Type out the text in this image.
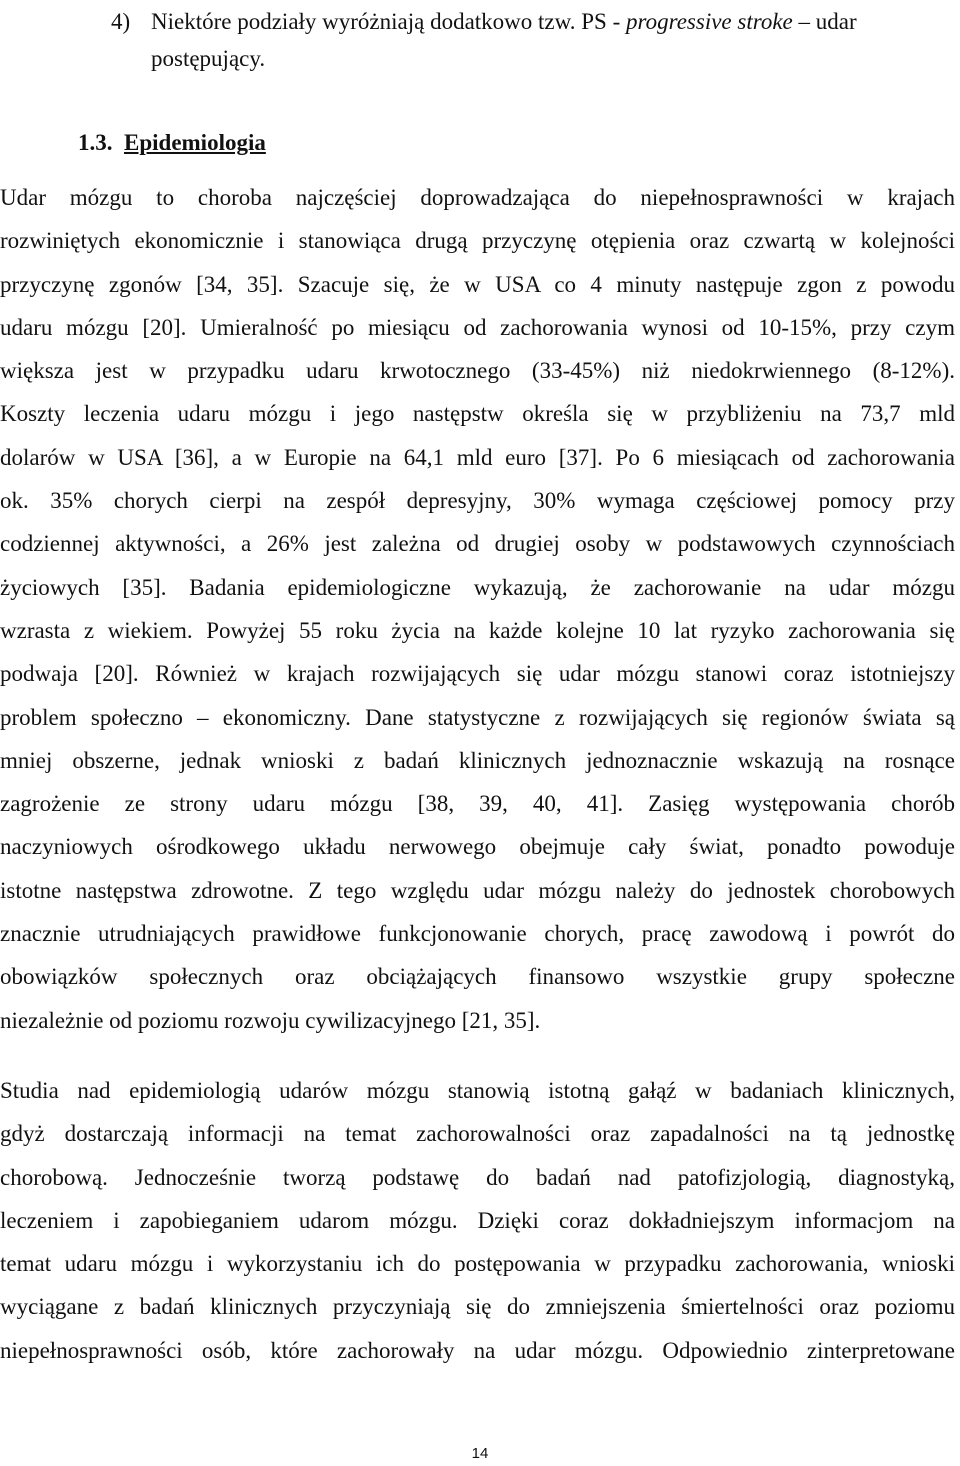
4) Niektóre podziały wyróżniają dodatkowo tzw. PS - progressive stroke – udar
postępujący.
1.3. Epidemiologia
Udar mózgu to choroba najczęściej doprowadzająca do niepełnosprawności w krajach
rozwiniętych ekonomicznie i stanowiąca drugą przyczynę otępienia oraz czwartą w kolejności
przyczynę zgonów [34, 35]. Szacuje się, że w USA co 4 minuty następuje zgon z powodu
udaru mózgu [20]. Umieralność po miesiącu od zachorowania wynosi od 10-15%, przy czym
większa jest w przypadku udaru krwotocznego (33-45%) niż niedokrwiennego (8-12%).
Koszty leczenia udaru mózgu i jego następstw określa się w przybliżeniu na 73,7 mld
dolarów w USA [36], a w Europie na 64,1 mld euro [37]. Po 6 miesiącach od zachorowania
ok. 35% chorych cierpi na zespół depresyjny, 30% wymaga częściowej pomocy przy
codziennej aktywności, a 26% jest zależna od drugiej osoby w podstawowych czynnościach
życiowych [35]. Badania epidemiologiczne wykazują, że zachorowanie na udar mózgu
wzrasta z wiekiem. Powyżej 55 roku życia na każde kolejne 10 lat ryzyko zachorowania się
podwaja [20]. Również w krajach rozwijających się udar mózgu stanowi coraz istotniejszy
problem społeczno – ekonomiczny. Dane statystyczne z rozwijających się regionów świata są
mniej obszerne, jednak wnioski z badań klinicznych jednoznacznie wskazują na rosnące
zagrożenie ze strony udaru mózgu [38, 39, 40, 41]. Zasięg występowania chorób
naczyniowych ośrodkowego układu nerwowego obejmuje cały świat, ponadto powoduje
istotne następstwa zdrowotne. Z tego względu udar mózgu należy do jednostek chorobowych
znacznie utrudniających prawidłowe funkcjonowanie chorych, pracę zawodową i powrót do
obowiązków społecznych oraz obciążających finansowo wszystkie grupy społeczne
niezależnie od poziomu rozwoju cywilizacyjnego [21, 35].
Studia nad epidemiologią udarów mózgu stanowią istotną gałąź w badaniach klinicznych,
gdyż dostarczają informacji na temat zachorowalności oraz zapadalności na tą jednostkę
chorobową. Jednocześnie tworzą podstawę do badań nad patofizjologią, diagnostyką,
leczeniem i zapobieganiem udarom mózgu. Dzięki coraz dokładniejszym informacjom na
temat udaru mózgu i wykorzystaniu ich do postępowania w przypadku zachorowania, wnioski
wyciągane z badań klinicznych przyczyniają się do zmniejszenia śmiertelności oraz poziomu
niepełnosprawności osób, które zachorowały na udar mózgu. Odpowiednio zinterpretowane
14
